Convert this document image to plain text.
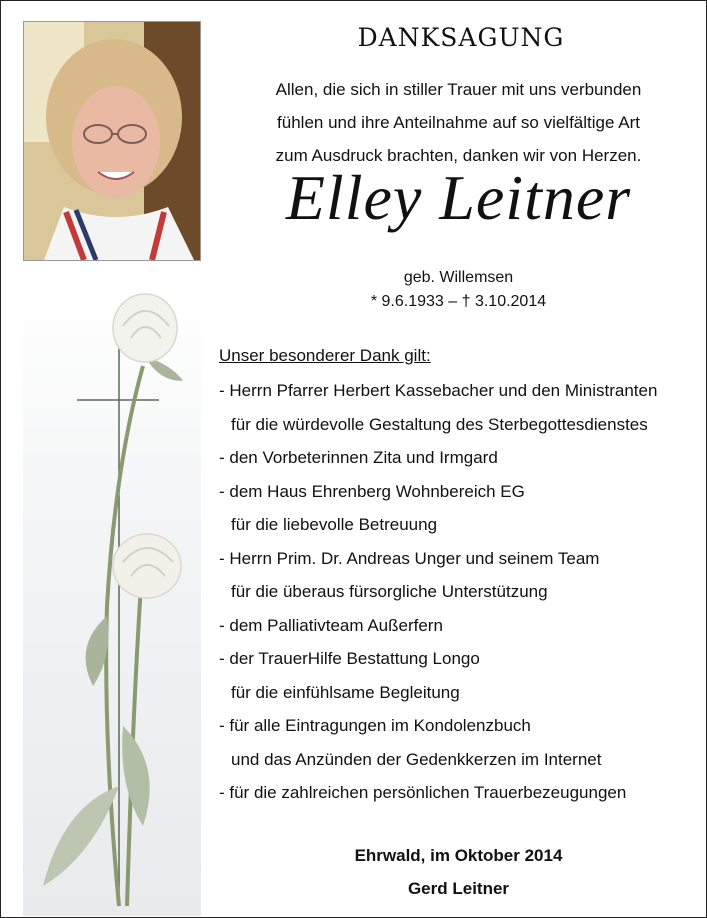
DANKSAGUNG
Allen, die sich in stiller Trauer mit uns verbunden
fühlen und ihre Anteilnahme auf so vielfältige Art
zum Ausdruck brachten, danken wir von Herzen.
Elley Leitner
geb. Willemsen
* 9.6.1933 – † 3.10.2014
Unser besonderer Dank gilt:
- Herrn Pfarrer Herbert Kassebacher und den Ministranten
für die würdevolle Gestaltung des Sterbegottesdienstes
- den Vorbeterinnen Zita und Irmgard
- dem Haus Ehrenberg Wohnbereich EG
für die liebevolle Betreuung
- Herrn Prim. Dr. Andreas Unger und seinem Team
für die überaus fürsorgliche Unterstützung
- dem Palliativteam Außerfern
- der TrauerHilfe Bestattung Longo
für die einfühlsame Begleitung
- für alle Eintragungen im Kondolenzbuch
und das Anzünden der Gedenkkerzen im Internet
- für die zahlreichen persönlichen Trauerbezeugungen
Ehrwald, im Oktober 2014
Gerd Leitner
